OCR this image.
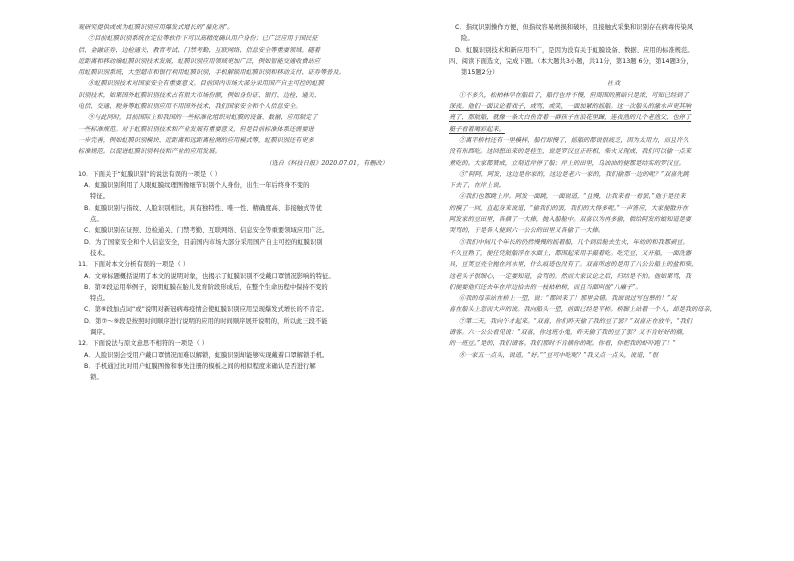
观研究提供或成为虹膜识别应用爆发式增长的“催化剂”。

⑦目前虹膜识别系统在定位等软件下可以高精度确认用户身份；已广泛应用于国民征

信、金融证券、边检通关、教育考试、门禁考勤、互联网络、信息安全等重要领域。随着

近距离和移动端虹膜识别技术发展，虹膜识别应用领域更加广泛，例如智能交通收费站应

用虹膜识别系统，大型超市和银行利用虹膜识别，手机解锁用虹膜识别和移动支付、证券等普及。

⑧虹膜识别技术对国家安全有重要意义。目前国内市场大部分采用国产自主可控的虹膜

识别技术，如果国外虹膜识别技术占有很大市场份额，例如身份证、银行、边检、通关、

电信、交通、税务等虹膜识别应用不用国外技术，我们国家安全和个人信息安全。

⑨与此同时，目前国际上和我国的一些标准化组织对虹膜的设备、数据、应用制定了

一些标准规范。对于虹膜识别技术和产业发展有重要意义，但是目前标准体系还需要进

一步完善，例如虹膜识别模块、近距离和远距离检测的应用模式等，虹膜识别还有更多

标准规范。以促进虹膜识别科技和产业的应用发展。

（选自《科技日报》2020.07.01，有删改）

10．下面关于“虹膜识别”的说法有误的一项是（ ）

A．虹膜识别利用了人眼虹膜纹理图像细节识别个人身份，出生一年后终身不变的

特征。

B．虹膜识别与指纹、人脸识别相比，具有独特性、唯一性、精确度高、非接触式等优

点。

C．虹膜识别在证照、边检通关、门禁考勤、互联网络、信息安全等重要领域应用广泛。

D．为了国家安全和个人信息安全，目前国内市场大部分采用国产自主可控的虹膜识别

技术。

11．下面对本文分析有误的一项是（ ）

A．文章标题概括说明了本文的说明对象，也揭示了虹膜识别不受戴口罩情况影响的特征。

B．第②段运用举例子，说明虹膜在胎儿发育阶段形成后，在整个生命历程中保持不变的

特点。

C．第⑥段加点词“或”说明对新冠病毒疫情会使虹膜识别应用呈现爆发式增长的不肯定。

D．第⑦～⑨段是按照时间顺序进行说明的应用的时间顺序展开说明的，所以此三段不能

调序。

12．下面说法与原文意思不相符的一项是（ ）

A．人脸识别会受用户戴口罩情况而难以解锁，虹膜识别却能够实现戴着口罩解锁手机。

B．手机通过比对用户虹膜图像和事先注册的模板之间的相似程度来确认是否进行解

锁。

C．指纹识别操作方便，但指纹容易磨损和破坏，且接触式采集和识别存在病毒传染风

险。

D．虹膜识别技术和新应用不广，是因为没有关于虹膜设备、数据、应用的标准规范。

四、阅读下面选文，完成下题。（本大题共3小题，共11分，第13题 6分，第14题3分，

第15题2分）

社戏

①不多久，松柏林早在船后了，船行也并不慢，但周围的黑暗只是浓，可知已经到了

深夜。他们一面议论着戏子，或骂，或笑，一面加紧的摇船。这一次船头的激水声更其响

亮了，那航船，就像一条大白鱼背着一群孩子在浪花里蹿，连夜渔的几个老渔父，也停了

艇子看着喝彩起来。

②离平桥村还有一里模样，船行却慢了，摇船的都说很疲乏，因为太用力，而且许久

没有东西吃。这回想出来的是桂生，说是罗汉豆正旺相，柴火又现成，我们可以偷一点来

煮吃的。大家都赞成，立刻近岸停了船；岸上的田里，乌油油的便都是结实的罗汉豆。

③“阿阿，阿发，这边是你家的，这边是老六一家的，我们偷那一边的呢？”双喜先跳

下去了，在岸上说。

④我们也都跳上岸。阿发一面跳，一面说道，“且慢，让我来看一看罢，”他于是往来

的摸了一回，直起身来说道，“偷我们的罢，我们的大得多呢。”一声答应，大家便散开在

阿发家的豆田里，各摘了一大捧，抛入船舱中。双喜以为再多偷，倘给阿发的娘知道是要

哭骂的，于是各人便到六一公公的田里又各偷了一大捧。

⑤我们中间几个年长的仍然慢慢的摇着船，几个到后舱去生火，年幼的和我都剥豆。

不久豆熟了，便任凭航船浮在水面上，都围起来用手撮着吃。吃完豆，又开船，一面洗器

具，豆荚豆壳全抛在河水里，什么痕迹也没有了。双喜所虑的是用了八公公船上的盐和柴，

这老头子很细心，一定要知道，会骂的。然而大家议论之后，归结是不怕。他如果骂，我

们便要他归还去年在岸边拾去的一枝枯柏树，而且当面叫他“八癞子”。

⑥我的母亲站在桥上一望，说：“都回来了！那里会错。我原说过写包票的！”双

喜在船头上忽而大声的说。我向船头一望，前面已经是平桥。桥脚上站着一个人，却是我的母亲，

⑦第二天，我向午才起来。“双喜，你们昨天偷了我的豆了罢？”双喜正在放牛，“我们

请客。六一公公看见说：“双喜，你这班小鬼，昨天偷了我的豆了罢？又不肯好好的摘，

的一班豆。”是的，我们请客。我们那时不肯摘你的呢。你看，你把我的虾吓跑了！”

⑧一家五一点头，说道，“好。”“豆可中吃呢？”我又点一点头，说道，“很
